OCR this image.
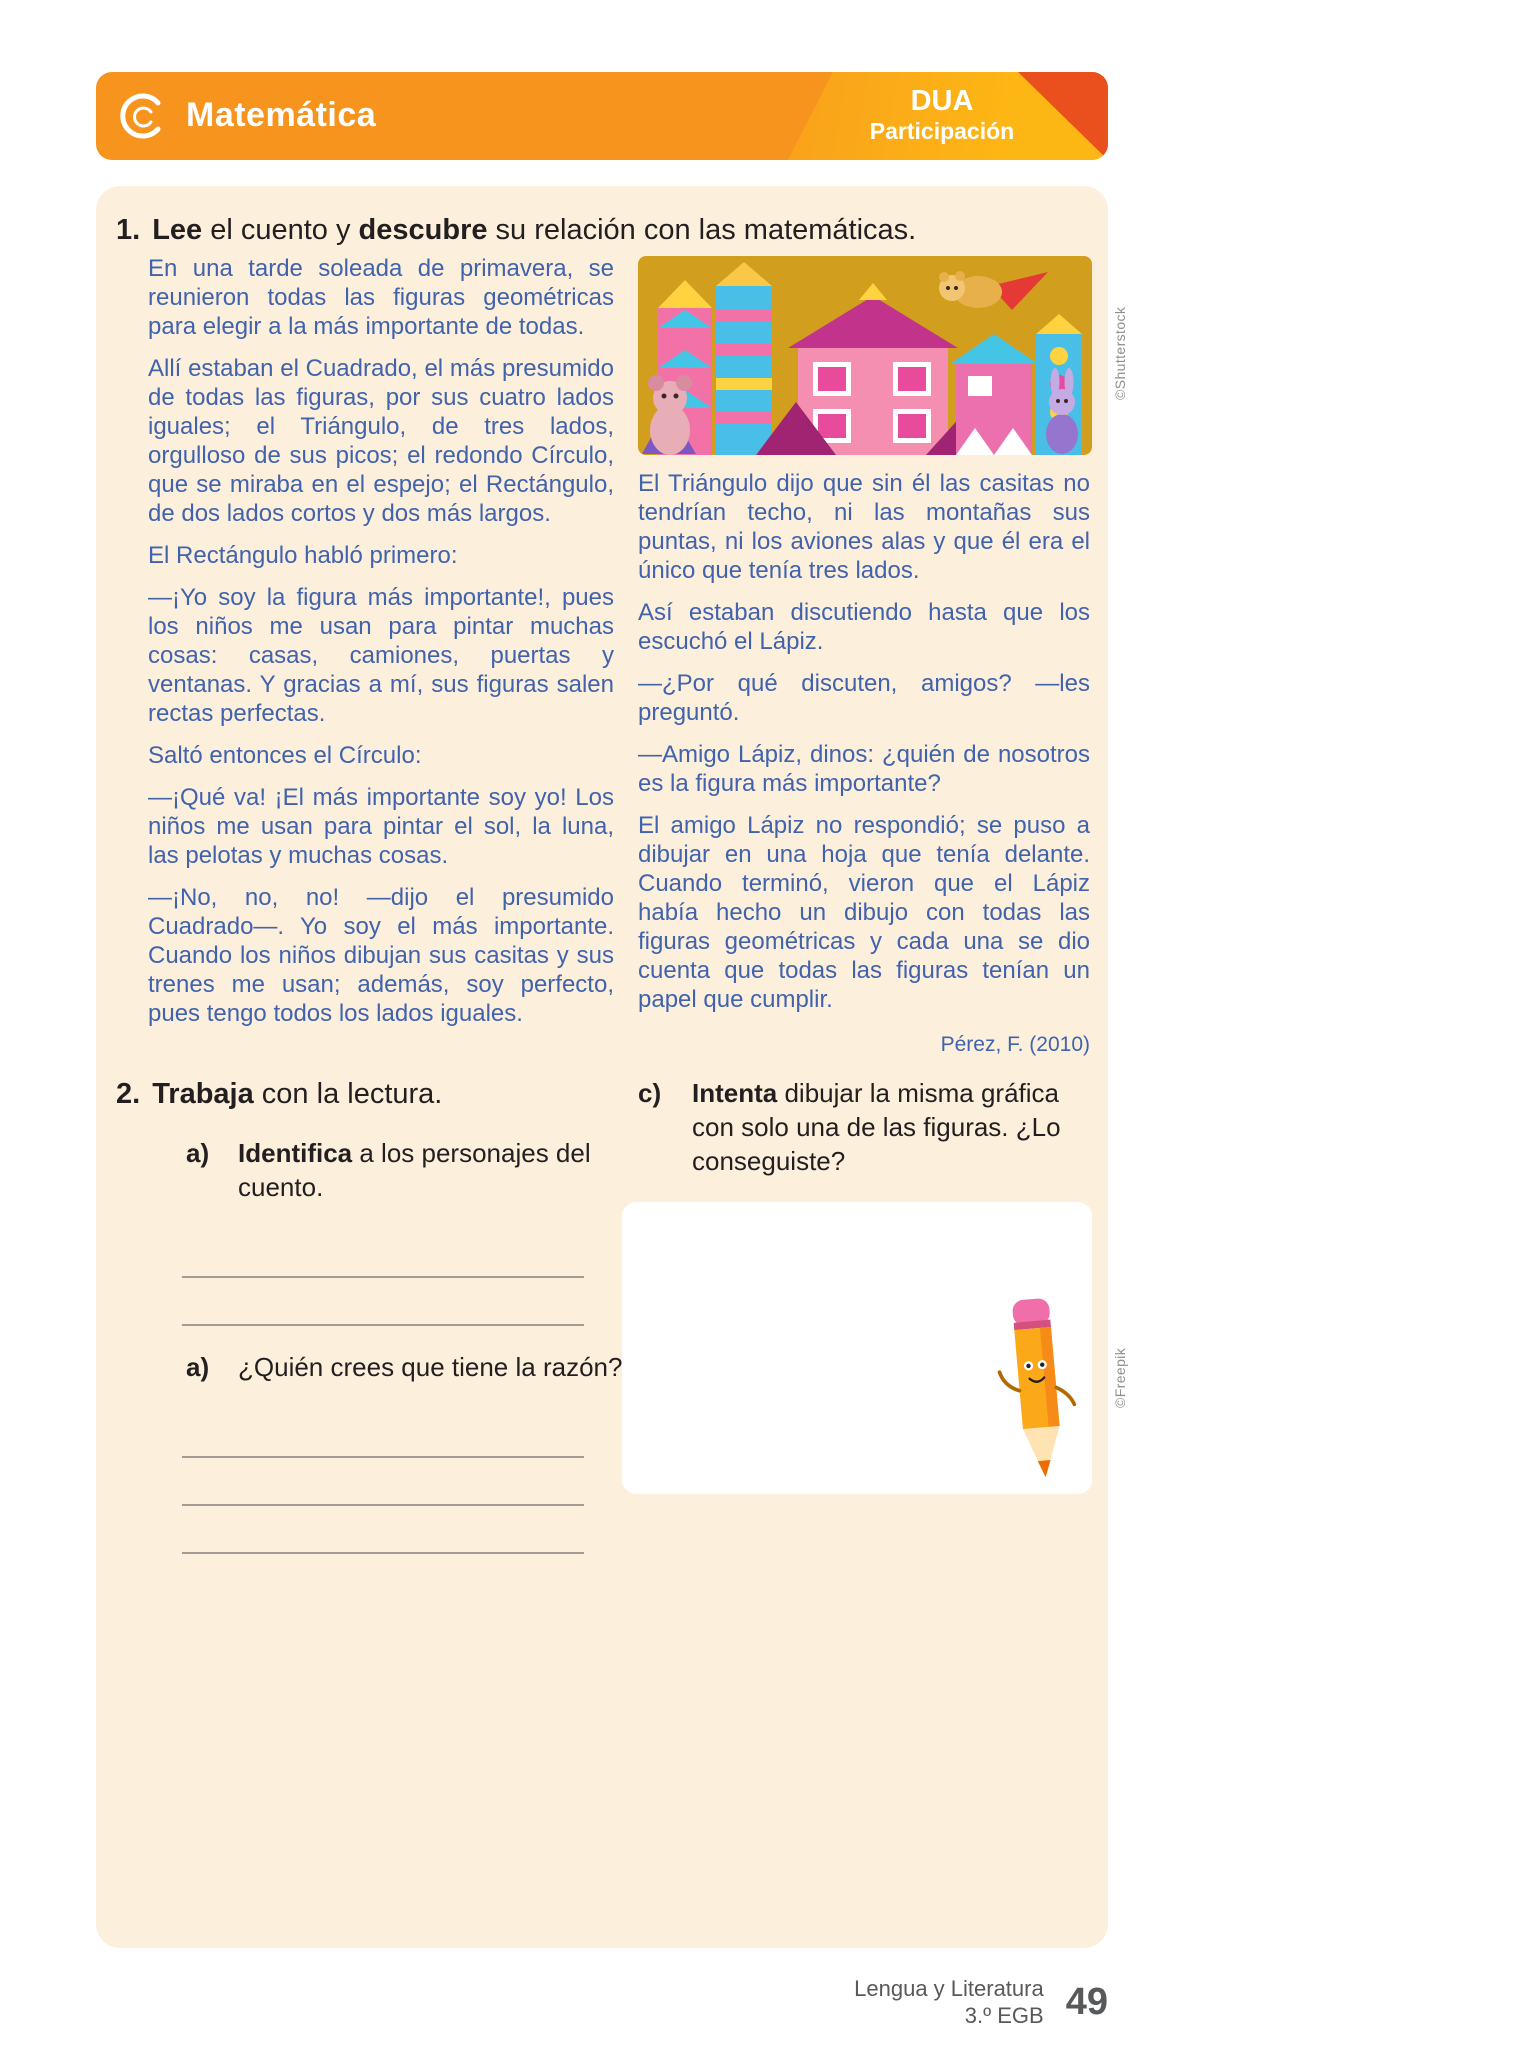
Matemática	DUA
Participación
1. Lee el cuento y descubre su relación con las matemáticas.

En una tarde soleada de primavera, se reunieron todas las figuras geométricas para elegir a la más importante de todas.

Allí estaban el Cuadrado, el más presumido de todas las figuras, por sus cuatro lados iguales; el Triángulo, de tres lados, orgulloso de sus picos; el redondo Círculo, que se miraba en el espejo; el Rectángulo, de dos lados cortos y dos más largos.

El Rectángulo habló primero:

—¡Yo soy la figura más importante!, pues los niños me usan para pintar muchas cosas: casas, camiones, puertas y ventanas. Y gracias a mí, sus figuras salen rectas perfectas.

Saltó entonces el Círculo:

—¡Qué va! ¡El más importante soy yo! Los niños me usan para pintar el sol, la luna, las pelotas y muchas cosas.

—¡No, no, no! —dijo el presumido Cuadrado—. Yo soy el más importante. Cuando los niños dibujan sus casitas y sus trenes me usan; además, soy perfecto, pues tengo todos los lados iguales.

El Triángulo dijo que sin él las casitas no tendrían techo, ni las montañas sus puntas, ni los aviones alas y que él era el único que tenía tres lados.

Así estaban discutiendo hasta que los escuchó el Lápiz.

—¿Por qué discuten, amigos? —les preguntó.

—Amigo Lápiz, dinos: ¿quién de nosotros es la figura más importante?

El amigo Lápiz no respondió; se puso a dibujar en una hoja que tenía delante. Cuando terminó, vieron que el Lápiz había hecho un dibujo con todas las figuras geométricas y cada una se dio cuenta que todas las figuras tenían un papel que cumplir.

Pérez, F. (2010)

2. Trabaja con la lectura.
a) Identifica a los personajes del cuento.
a) ¿Quién crees que tiene la razón?
c) Intenta dibujar la misma gráfica con solo una de las figuras. ¿Lo conseguiste?
©Shutterstock
©Freepik
Lengua y Literatura
3.º EGB 49
